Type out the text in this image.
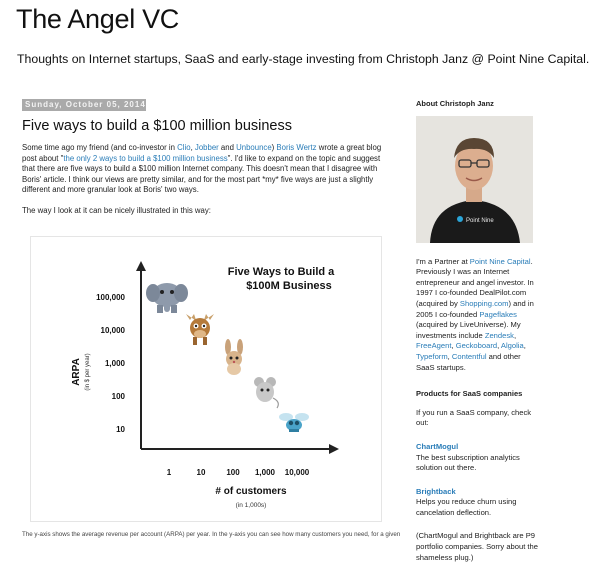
The Angel VC
Thoughts on Internet startups, SaaS and early-stage investing from Christoph Janz @ Point Nine Capital.
Sunday, October 05, 2014
Five ways to build a $100 million business

Some time ago my friend (and co-investor in Clio, Jobber and Unbounce) Boris Wertz wrote a great blog post about "the only 2 ways to build a $100 million business". I'd like to expand on the topic and suggest that there are five ways to build a $100 million Internet company. This doesn't mean that I disagree with Boris' article. I think our views are pretty similar, and for the most part *my* five ways are just a slightly different and more granular look at Boris' two ways.

The way I look at it can be nicely illustrated in this way:

Five Ways to Build a
$100M Business
# of customers
(in 1,000s)
ARPA (in $ per year)
100,000
10,000
1,000
100
10
1	10	100 1,000 10,000
The y-axis shows the average revenue per account (ARPA) per year. In the y-axis you can see how many customers you need, for a given
About Christoph Janz
Point Nine
I'm a Partner at Point Nine Capital. Previously I was an Internet entrepreneur and angel investor. In 1997 I co-founded DealPilot.com (acquired by Shopping.com) and in 2005 I co-founded Pageflakes (acquired by LiveUniverse). My investments include Zendesk, FreeAgent, Geckoboard, Algolia, Typeform, Contentful and other SaaS startups.
Products for SaaS companies
If you run a SaaS company, check out:
ChartMogul
The best subscription analytics solution out there.
Brightback
Helps you reduce churn using cancelation deflection.
(ChartMogul and Brightback are P9 portfolio companies. Sorry about the shameless plug.)
